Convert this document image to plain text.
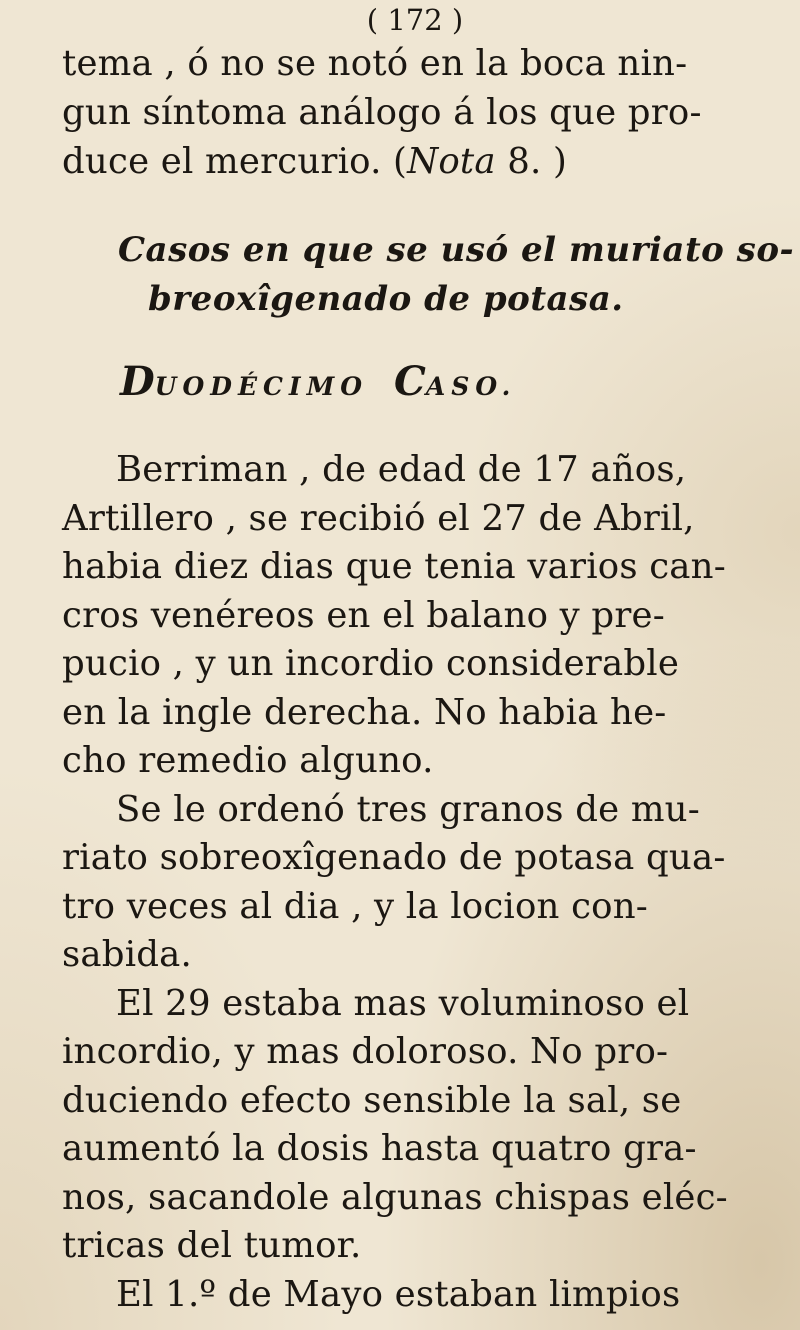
( 172 )
tema , ó no se notó en la boca nin-
gun síntoma análogo á los que pro-
duce el mercurio. (Nota 8. )
Casos en que se usó el muriato so-
breoxîgenado de potasa.
DUODÉCIMO CASO.
Berriman , de edad de 17 años,
Artillero , se recibió el 27 de Abril,
habia diez dias que tenia varios can-
cros venéreos en el balano y pre-
pucio , y un incordio considerable
en la ingle derecha. No habia he-
cho remedio alguno.
Se le ordenó tres granos de mu-
riato sobreoxîgenado de potasa qua-
tro veces al dia , y la locion con-
sabida.
El 29 estaba mas voluminoso el
incordio, y mas doloroso. No pro-
duciendo efecto sensible la sal, se
aumentó la dosis hasta quatro gra-
nos, sacandole algunas chispas eléc-
tricas del tumor.
El 1.º de Mayo estaban limpios
